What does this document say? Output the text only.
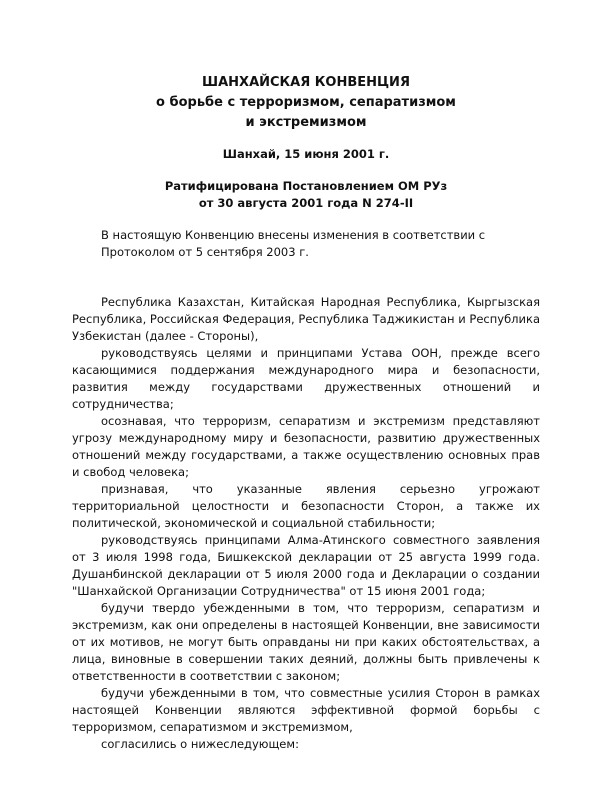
ШАНХАЙСКАЯ КОНВЕНЦИЯ
о борьбе с терроризмом, сепаратизмом
и экстремизмом
Шанхай, 15 июня 2001 г.
Ратифицирована Постановлением ОМ РУз
от 30 августа 2001 года N 274-II
В настоящую Конвенцию внесены изменения в соответствии с Протоколом от 5 сентября 2003 г.

Республика Казахстан, Китайская Народная Республика, Кыргызская Республика, Российская Федерация, Республика Таджикистан и Республика Узбекистан (далее - Стороны),

руководствуясь целями и принципами Устава ООН, прежде всего касающимися поддержания международного мира и безопасности, развития между государствами дружественных отношений и сотрудничества;

осознавая, что терроризм, сепаратизм и экстремизм представляют угрозу международному миру и безопасности, развитию дружественных отношений между государствами, а также осуществлению основных прав и свобод человека;

признавая, что указанные явления серьезно угрожают территориальной целостности и безопасности Сторон, а также их политической, экономической и социальной стабильности;

руководствуясь принципами Алма-Атинского совместного заявления от 3 июля 1998 года, Бишкекской декларации от 25 августа 1999 года. Душанбинской декларации от 5 июля 2000 года и Декларации о создании "Шанхайской Организации Сотрудничества" от 15 июня 2001 года;

будучи твердо убежденными в том, что терроризм, сепаратизм и экстремизм, как они определены в настоящей Конвенции, вне зависимости от их мотивов, не могут быть оправданы ни при каких обстоятельствах, а лица, виновные в совершении таких деяний, должны быть привлечены к ответственности в соответствии с законом;

будучи убежденными в том, что совместные усилия Сторон в рамках настоящей Конвенции являются эффективной формой борьбы с терроризмом, сепаратизмом и экстремизмом,

согласились о нижеследующем:
